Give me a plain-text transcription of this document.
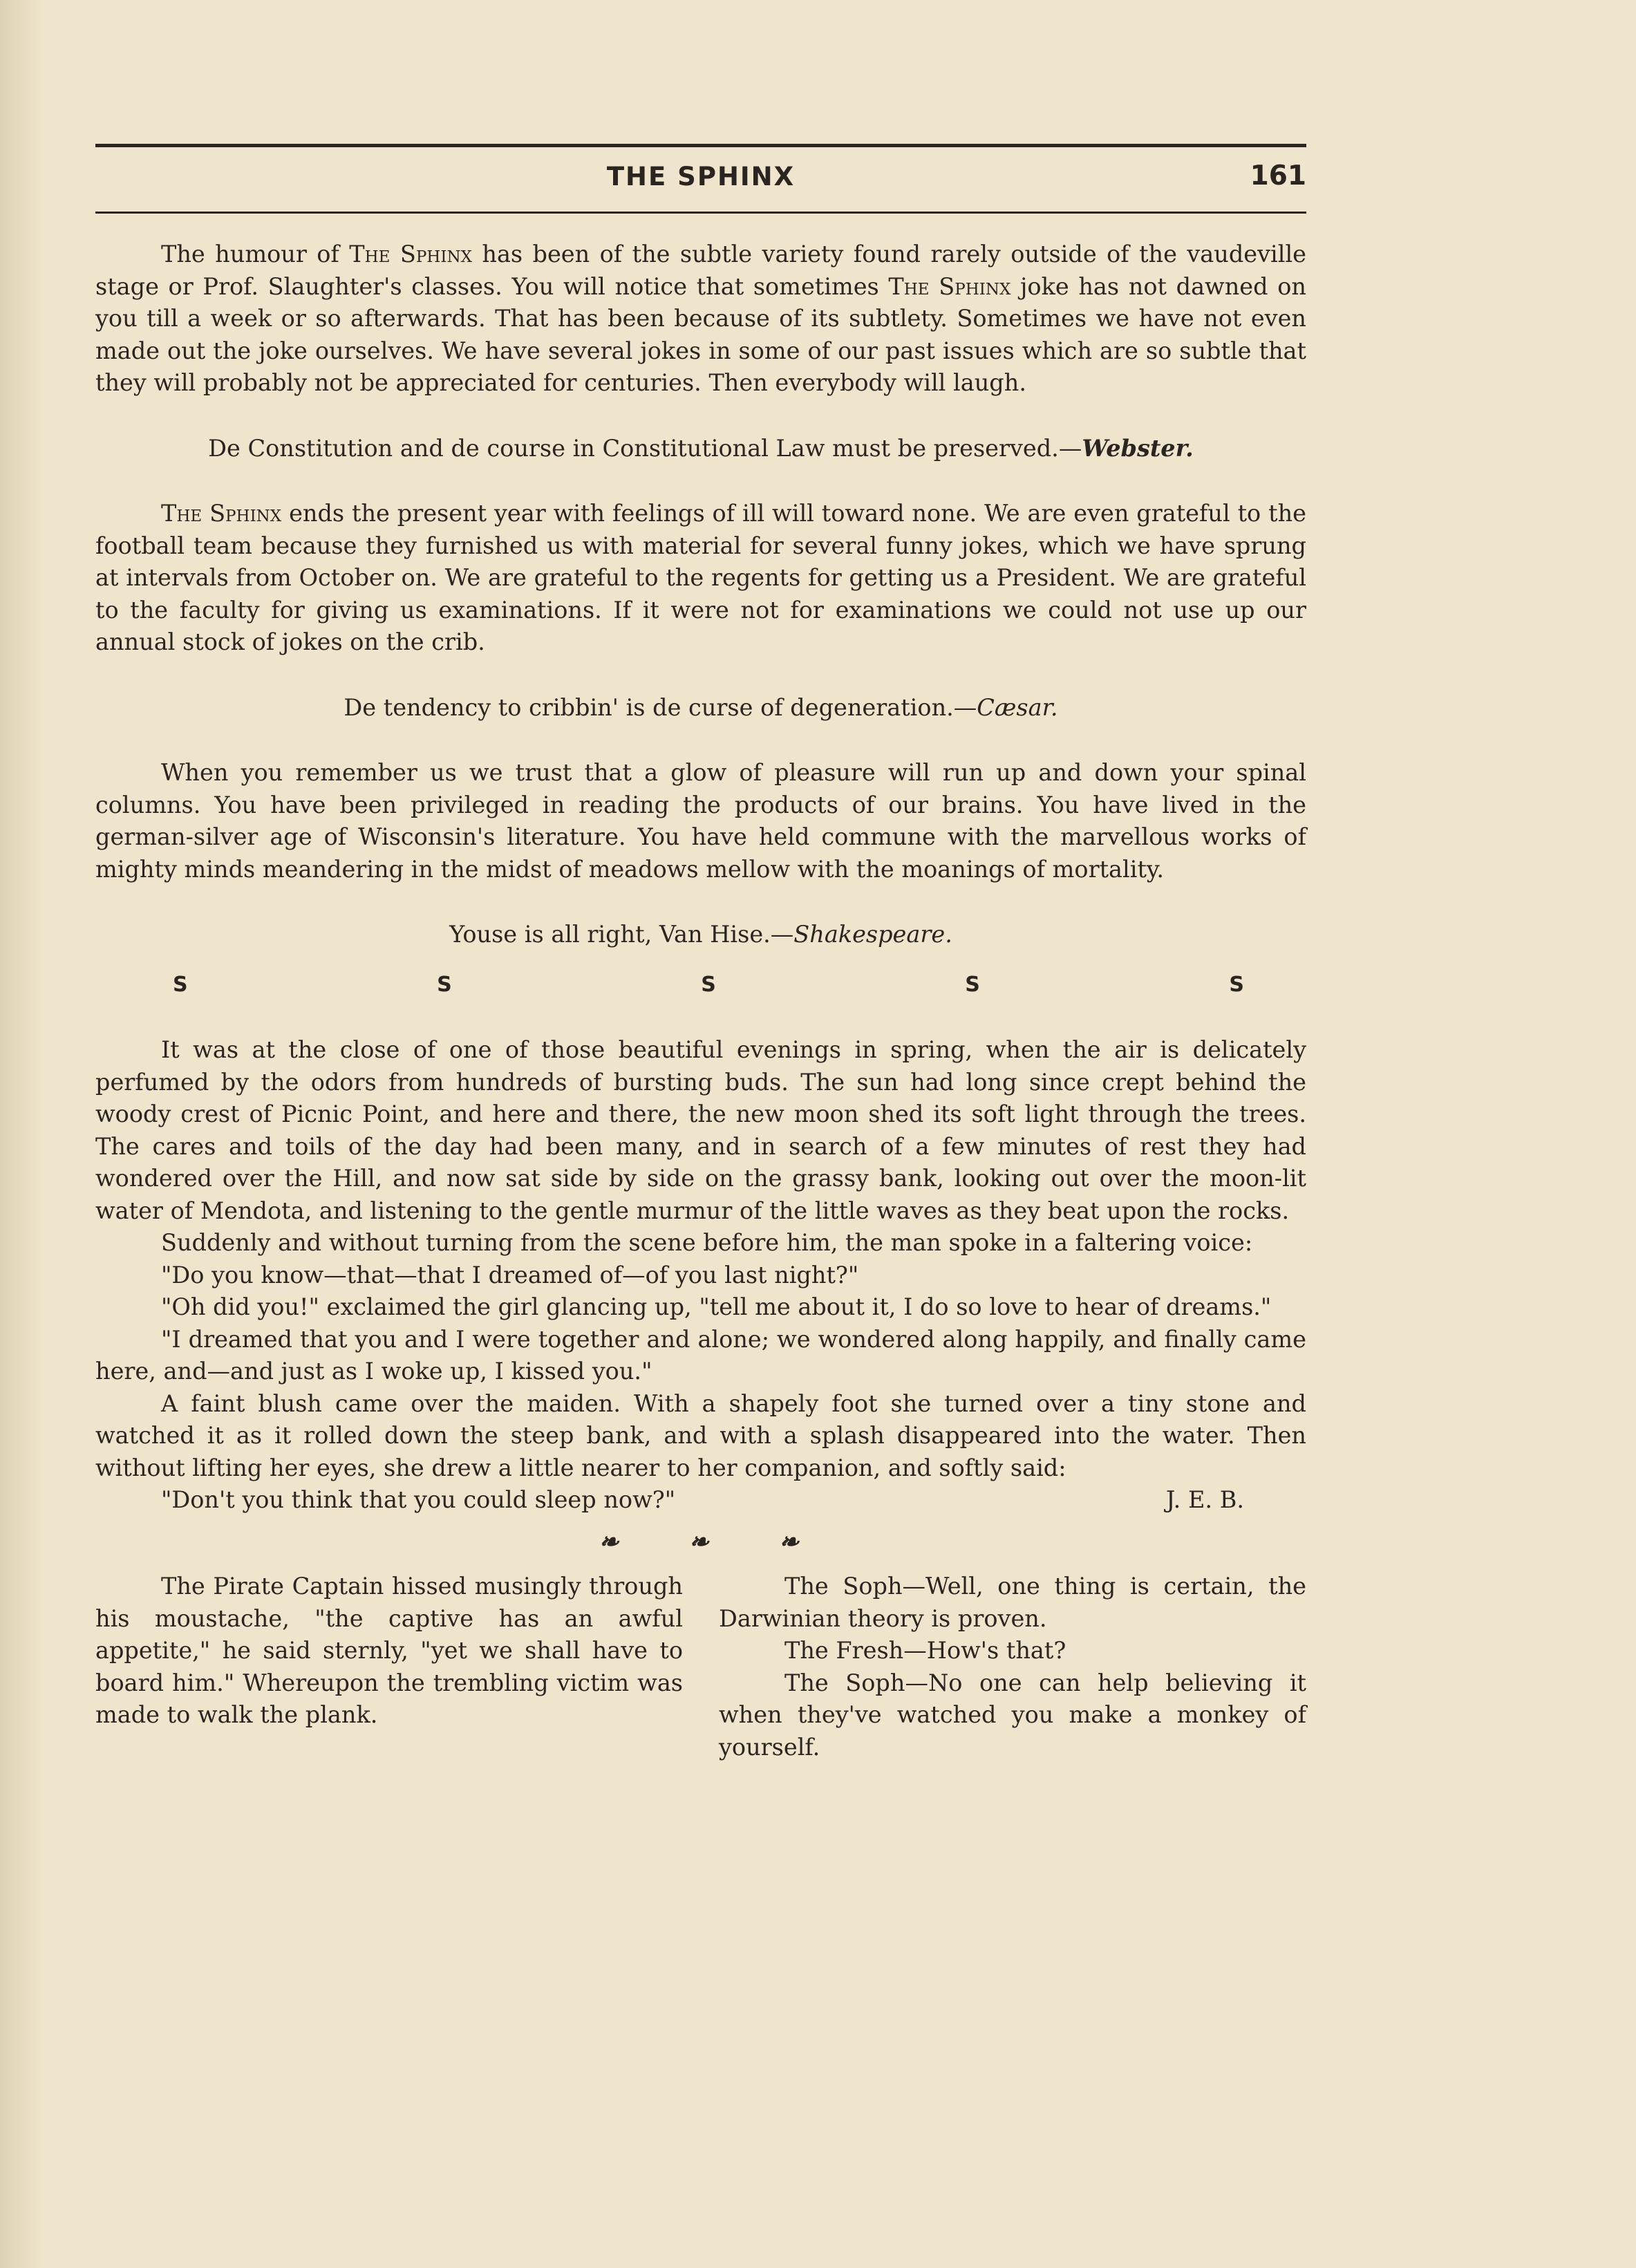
THE SPHINX	161

The humour of The Sphinx has been of the subtle variety found rarely outside of the vaudeville stage or Prof. Slaughter's classes. You will notice that sometimes The Sphinx joke has not dawned on you till a week or so afterwards. That has been because of its subtlety. Sometimes we have not even made out the joke ourselves. We have several jokes in some of our past issues which are so subtle that they will probably not be appreciated for centuries. Then everybody will laugh.

De Constitution and de course in Constitutional Law must be preserved.—Webster.

The Sphinx ends the present year with feelings of ill will toward none. We are even grateful to the football team because they furnished us with material for several funny jokes, which we have sprung at intervals from October on. We are grateful to the regents for getting us a President. We are grateful to the faculty for giving us examinations. If it were not for examinations we could not use up our annual stock of jokes on the crib.

De tendency to cribbin' is de curse of degeneration.—Cæsar.

When you remember us we trust that a glow of pleasure will run up and down your spinal columns. You have been privileged in reading the products of our brains. You have lived in the german-silver age of Wisconsin's literature. You have held commune with the marvellous works of mighty minds meandering in the midst of meadows mellow with the moanings of mortality.

Youse is all right, Van Hise.—Shakespeare.

S	S	S	S	S

It was at the close of one of those beautiful evenings in spring, when the air is delicately perfumed by the odors from hundreds of bursting buds. The sun had long since crept behind the woody crest of Picnic Point, and here and there, the new moon shed its soft light through the trees. The cares and toils of the day had been many, and in search of a few minutes of rest they had wondered over the Hill, and now sat side by side on the grassy bank, looking out over the moon-lit water of Mendota, and listening to the gentle murmur of the little waves as they beat upon the rocks.

Suddenly and without turning from the scene before him, the man spoke in a faltering voice:

"Do you know—that—that I dreamed of—of you last night?"

"Oh did you!" exclaimed the girl glancing up, "tell me about it, I do so love to hear of dreams."

"I dreamed that you and I were together and alone; we wondered along happily, and finally came here, and—and just as I woke up, I kissed you."

A faint blush came over the maiden. With a shapely foot she turned over a tiny stone and watched it as it rolled down the steep bank, and with a splash disappeared into the water. Then without lifting her eyes, she drew a little nearer to her companion, and softly said:

"Don't you think that you could sleep now?"	J. E. B.
❧ ❧ ❧

The Pirate Captain hissed musingly through his moustache, "the captive has an awful appetite," he said sternly, "yet we shall have to board him." Whereupon the trembling victim was made to walk the plank.

The Soph—Well, one thing is certain, the Darwinian theory is proven.

The Fresh—How's that?

The Soph—No one can help believing it when they've watched you make a monkey of yourself.
